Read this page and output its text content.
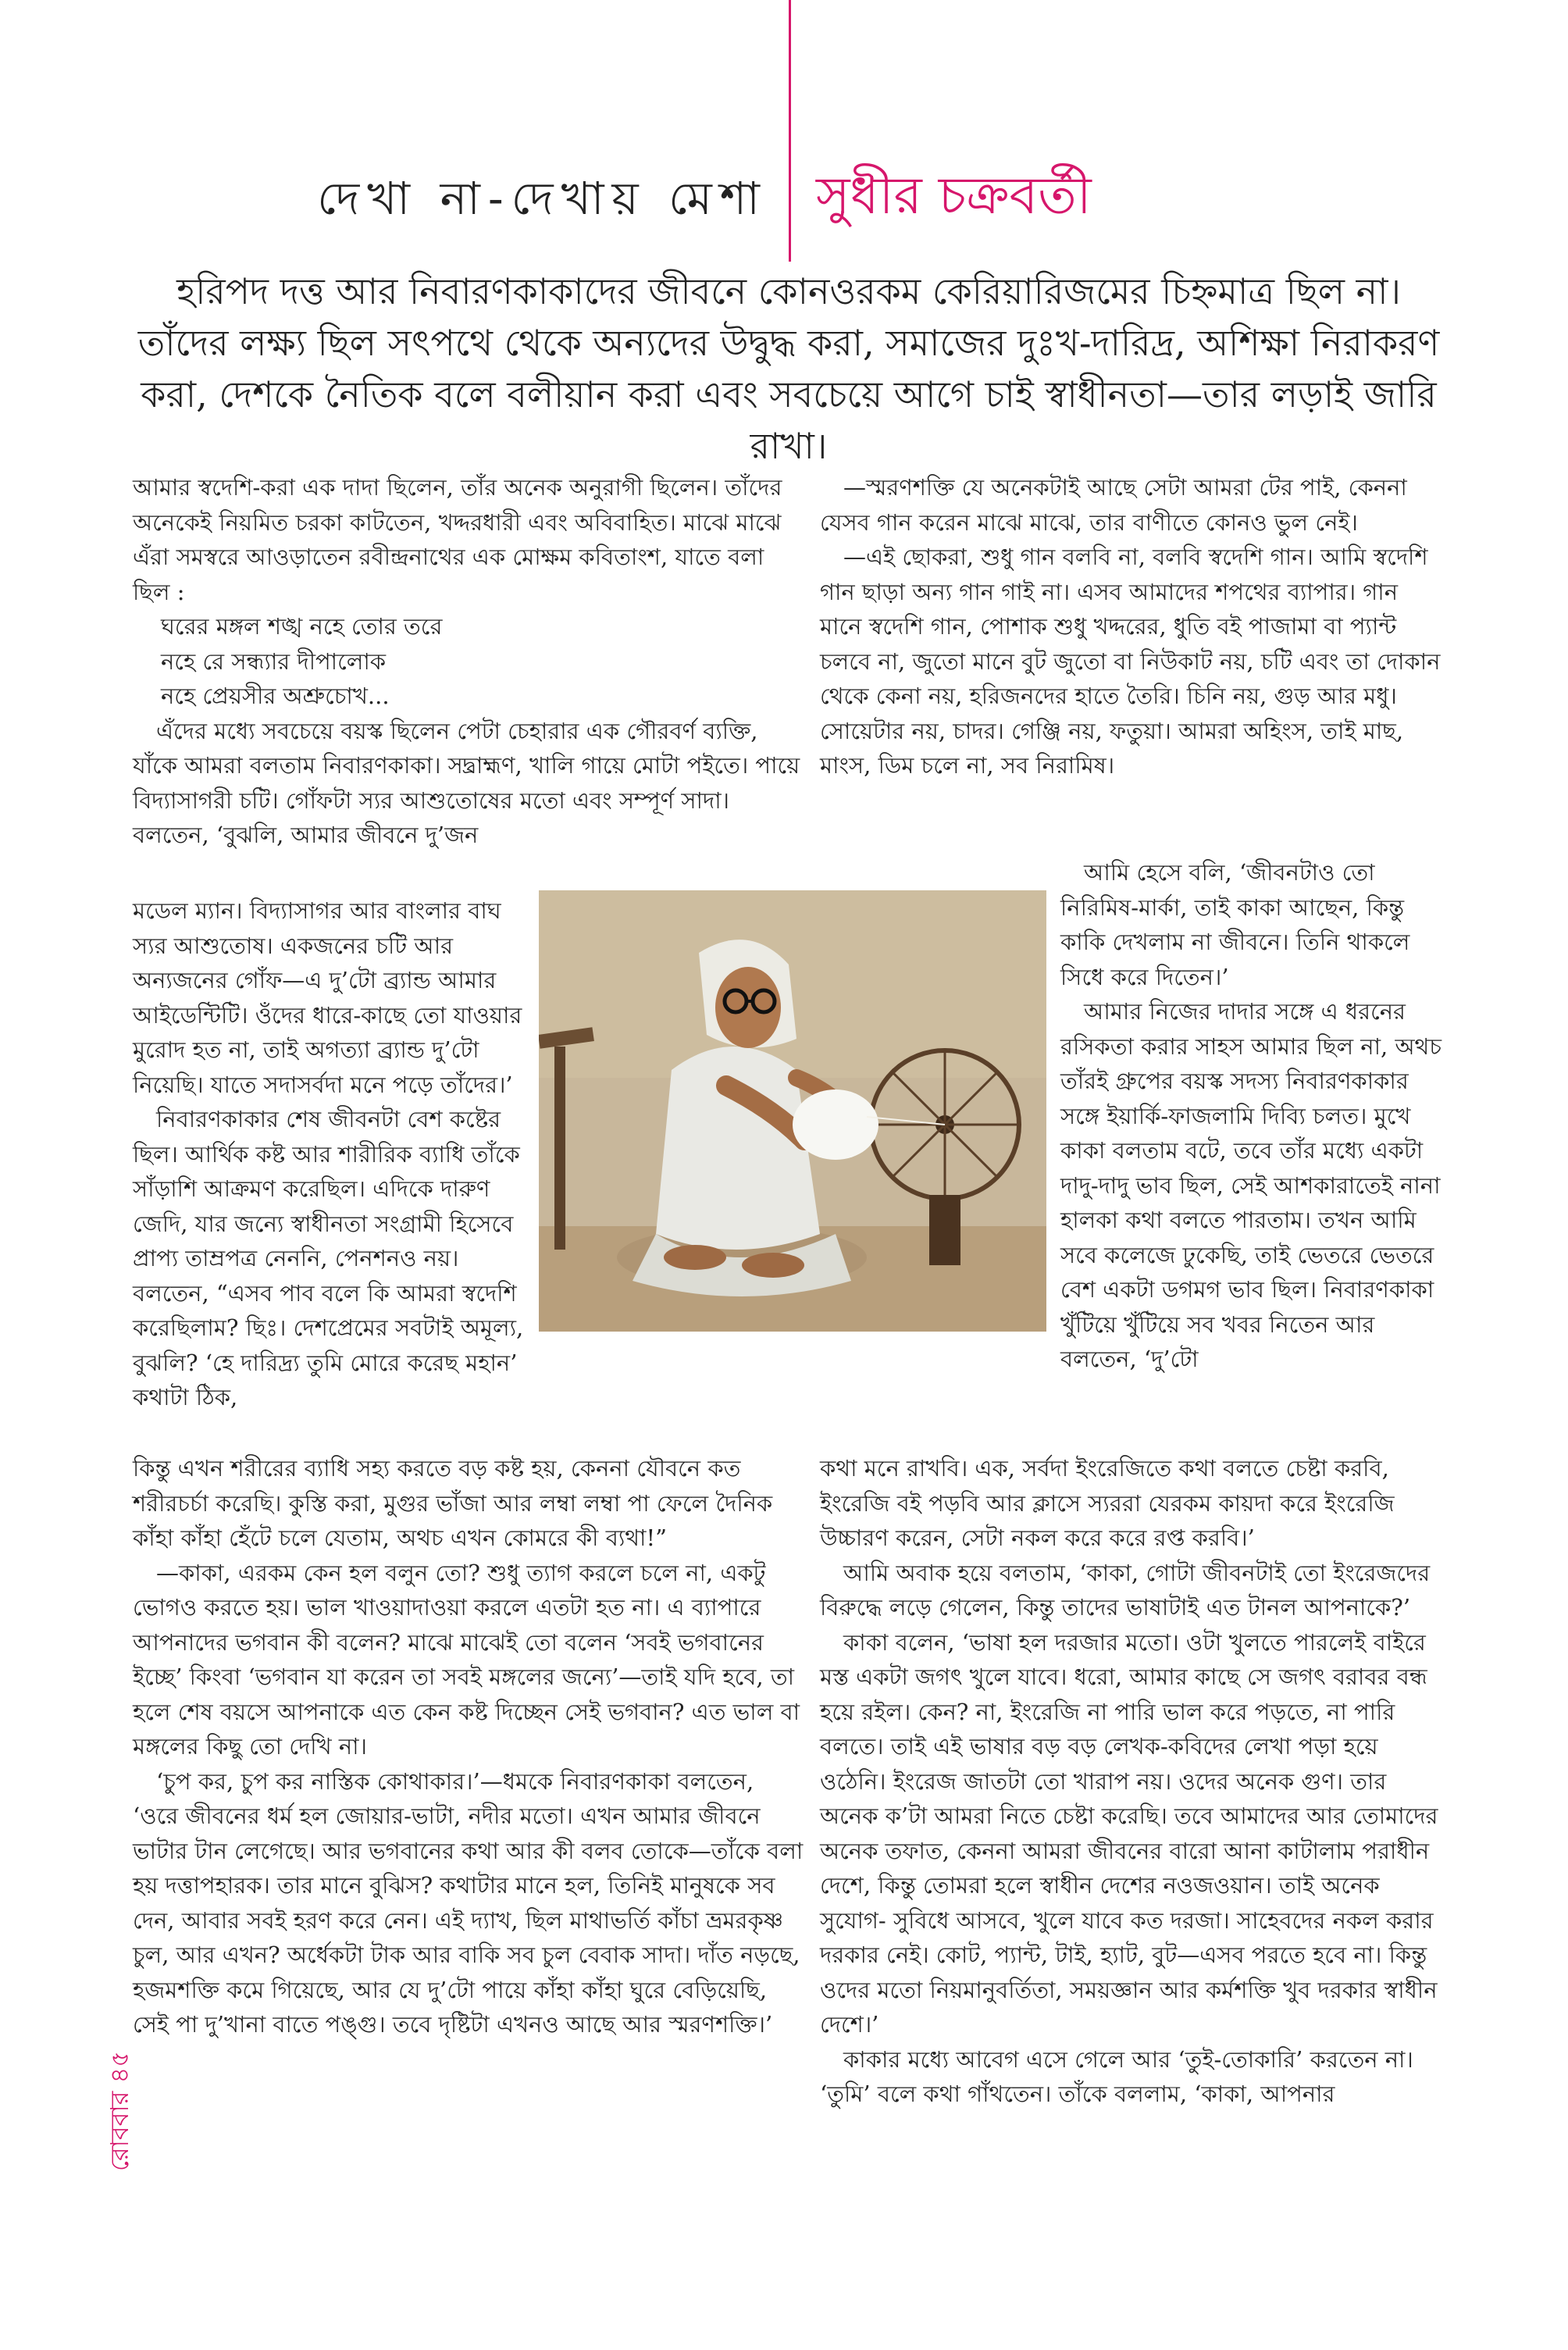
দেখা না-দেখায় মেশা সুধীর চক্রবর্তী
হরিপদ দত্ত আর নিবারণকাকাদের জীবনে কোনওরকম কেরিয়ারিজমের চিহ্নমাত্র ছিল না। তাঁদের লক্ষ্য ছিল সৎপথে থেকে অন্যদের উদ্বুদ্ধ করা, সমাজের দুঃখ-দারিদ্র, অশিক্ষা নিরাকরণ করা, দেশকে নৈতিক বলে বলীয়ান করা এবং সবচেয়ে আগে চাই স্বাধীনতা—তার লড়াই জারি রাখা।

আমার স্বদেশি-করা এক দাদা ছিলেন, তাঁর অনেক অনুরাগী ছিলেন। তাঁদের অনেকেই নিয়মিত চরকা কাটতেন, খদ্দরধারী এবং অবিবাহিত। মাঝে মাঝে এঁরা সমস্বরে আওড়াতেন রবীন্দ্রনাথের এক মোক্ষম কবিতাংশ, যাতে বলা ছিল :

ঘরের মঙ্গল শঙ্খ নহে তোর তরে

নহে রে সন্ধ্যার দীপালোক

নহে প্রেয়সীর অশ্রুচোখ...

এঁদের মধ্যে সবচেয়ে বয়স্ক ছিলেন পেটা চেহারার এক গৌরবর্ণ ব্যক্তি, যাঁকে আমরা বলতাম নিবারণকাকা। সদ্ব্রাহ্মণ, খালি গায়ে মোটা পইতে। পায়ে বিদ্যাসাগরী চটি। গোঁফটা স্যর আশুতোষের মতো এবং সম্পূর্ণ সাদা। বলতেন, ‘বুঝলি, আমার জীবনে দু’জন

মডেল ম্যান। বিদ্যাসাগর আর বাংলার বাঘ স্যর আশুতোষ। একজনের চটি আর অন্যজনের গোঁফ—এ দু’টো ব্র্যান্ড আমার আইডেন্টিটি। ওঁদের ধারে-কাছে তো যাওয়ার মুরোদ হত না, তাই অগত্যা ব্র্যান্ড দু’টো নিয়েছি। যাতে সদাসর্বদা মনে পড়ে তাঁদের।’

নিবারণকাকার শেষ জীবনটা বেশ কষ্টের ছিল। আর্থিক কষ্ট আর শারীরিক ব্যাধি তাঁকে সাঁড়াশি আক্রমণ করেছিল। এদিকে দারুণ জেদি, যার জন্যে স্বাধীনতা সংগ্রামী হিসেবে প্রাপ্য তাম্রপত্র নেননি, পেনশনও নয়। বলতেন, “এসব পাব বলে কি আমরা স্বদেশি করেছিলাম? ছিঃ। দেশপ্রেমের সবটাই অমূল্য, বুঝলি? ‘হে দারিদ্র্য তুমি মোরে করেছ মহান’ কথাটা ঠিক,

কিন্তু এখন শরীরের ব্যাধি সহ্য করতে বড় কষ্ট হয়, কেননা যৌবনে কত শরীরচর্চা করেছি। কুস্তি করা, মুগুর ভাঁজা আর লম্বা লম্বা পা ফেলে দৈনিক কাঁহা কাঁহা হেঁটে চলে যেতাম, অথচ এখন কোমরে কী ব্যথা!”

—কাকা, এরকম কেন হল বলুন তো? শুধু ত্যাগ করলে চলে না, একটু ভোগও করতে হয়। ভাল খাওয়াদাওয়া করলে এতটা হত না। এ ব্যাপারে আপনাদের ভগবান কী বলেন? মাঝে মাঝেই তো বলেন ‘সবই ভগবানের ইচ্ছে’ কিংবা ‘ভগবান যা করেন তা সবই মঙ্গলের জন্যে’—তাই যদি হবে, তা হলে শেষ বয়সে আপনাকে এত কেন কষ্ট দিচ্ছেন সেই ভগবান? এত ভাল বা মঙ্গলের কিছু তো দেখি না।

‘চুপ কর, চুপ কর নাস্তিক কোথাকার।’—ধমকে নিবারণকাকা বলতেন, ‘ওরে জীবনের ধর্ম হল জোয়ার-ভাটা, নদীর মতো। এখন আমার জীবনে ভাটার টান লেগেছে। আর ভগবানের কথা আর কী বলব তোকে—তাঁকে বলা হয় দত্তাপহারক। তার মানে বুঝিস? কথাটার মানে হল, তিনিই মানুষকে সব দেন, আবার সবই হরণ করে নেন। এই দ্যাখ, ছিল মাথাভর্তি কাঁচা ভ্রমরকৃষ্ণ চুল, আর এখন? অর্ধেকটা টাক আর বাকি সব চুল বেবাক সাদা। দাঁত নড়ছে, হজমশক্তি কমে গিয়েছে, আর যে দু’টো পায়ে কাঁহা কাঁহা ঘুরে বেড়িয়েছি, সেই পা দু’খানা বাতে পঙ্গু। তবে দৃষ্টিটা এখনও আছে আর স্মরণশক্তি।’

—স্মরণশক্তি যে অনেকটাই আছে সেটা আমরা টের পাই, কেননা যেসব গান করেন মাঝে মাঝে, তার বাণীতে কোনও ভুল নেই।

—এই ছোকরা, শুধু গান বলবি না, বলবি স্বদেশি গান। আমি স্বদেশি গান ছাড়া অন্য গান গাই না। এসব আমাদের শপথের ব্যাপার। গান মানে স্বদেশি গান, পোশাক শুধু খদ্দরের, ধুতি বই পাজামা বা প্যান্ট চলবে না, জুতো মানে বুট জুতো বা নিউকাট নয়, চটি এবং তা দোকান থেকে কেনা নয়, হরিজনদের হাতে তৈরি। চিনি নয়, গুড় আর মধু। সোয়েটার নয়, চাদর। গেঞ্জি নয়, ফতুয়া। আমরা অহিংস, তাই মাছ, মাংস, ডিম চলে না, সব নিরামিষ।

আমি হেসে বলি, ‘জীবনটাও তো নিরিমিষ-মার্কা, তাই কাকা আছেন, কিন্তু কাকি দেখলাম না জীবনে। তিনি থাকলে সিধে করে দিতেন।’

আমার নিজের দাদার সঙ্গে এ ধরনের রসিকতা করার সাহস আমার ছিল না, অথচ তাঁরই গ্রুপের বয়স্ক সদস্য নিবারণকাকার সঙ্গে ইয়ার্কি-ফাজলামি দিব্যি চলত। মুখে কাকা বলতাম বটে, তবে তাঁর মধ্যে একটা দাদু-দাদু ভাব ছিল, সেই আশকারাতেই নানা হালকা কথা বলতে পারতাম। তখন আমি সবে কলেজে ঢুকেছি, তাই ভেতরে ভেতরে বেশ একটা ডগমগ ভাব ছিল। নিবারণকাকা খুঁটিয়ে খুঁটিয়ে সব খবর নিতেন আর বলতেন, ‘দু’টো

কথা মনে রাখবি। এক, সর্বদা ইংরেজিতে কথা বলতে চেষ্টা করবি, ইংরেজি বই পড়বি আর ক্লাসে স্যররা যেরকম কায়দা করে ইংরেজি উচ্চারণ করেন, সেটা নকল করে করে রপ্ত করবি।’

আমি অবাক হয়ে বলতাম, ‘কাকা, গোটা জীবনটাই তো ইংরেজদের বিরুদ্ধে লড়ে গেলেন, কিন্তু তাদের ভাষাটাই এত টানল আপনাকে?’

কাকা বলেন, ‘ভাষা হল দরজার মতো। ওটা খুলতে পারলেই বাইরে মস্ত একটা জগৎ খুলে যাবে। ধরো, আমার কাছে সে জগৎ বরাবর বন্ধ হয়ে রইল। কেন? না, ইংরেজি না পারি ভাল করে পড়তে, না পারি বলতে। তাই এই ভাষার বড় বড় লেখক-কবিদের লেখা পড়া হয়ে ওঠেনি। ইংরেজ জাতটা তো খারাপ নয়। ওদের অনেক গুণ। তার অনেক ক’টা আমরা নিতে চেষ্টা করেছি। তবে আমাদের আর তোমাদের অনেক তফাত, কেননা আমরা জীবনের বারো আনা কাটালাম পরাধীন দেশে, কিন্তু তোমরা হলে স্বাধীন দেশের নওজওয়ান। তাই অনেক সুযোগ- সুবিধে আসবে, খুলে যাবে কত দরজা। সাহেবদের নকল করার দরকার নেই। কোট, প্যান্ট, টাই, হ্যাট, বুট—এসব পরতে হবে না। কিন্তু ওদের মতো নিয়মানুবর্তিতা, সময়জ্ঞান আর কর্মশক্তি খুব দরকার স্বাধীন দেশে।’

কাকার মধ্যে আবেগ এসে গেলে আর ‘তুই-তোকারি’ করতেন না। ‘তুমি’ বলে কথা গাঁথতেন। তাঁকে বললাম, ‘কাকা, আপনার

রোববার ৪৫
